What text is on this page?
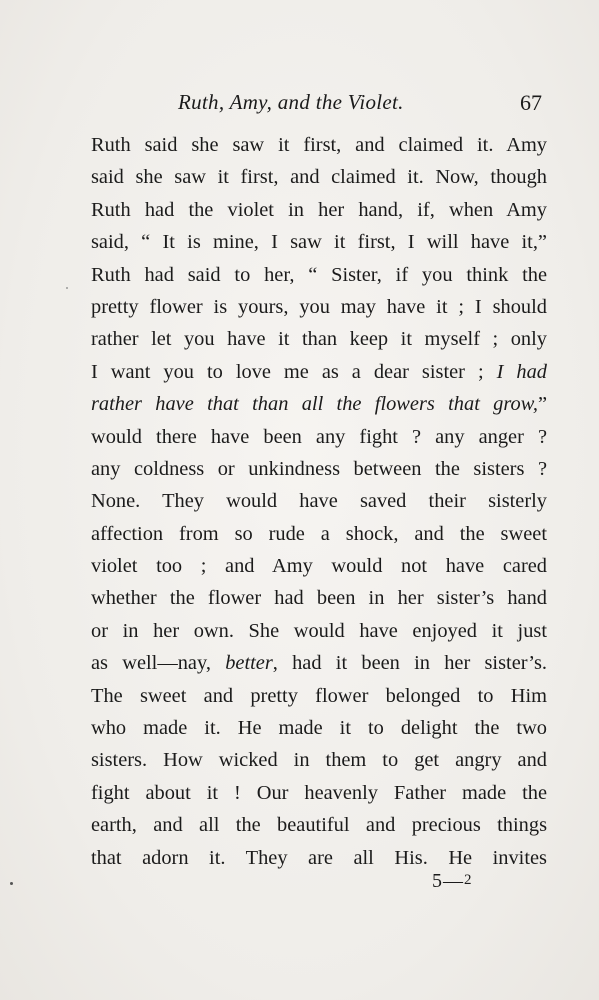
Ruth, Amy, and the Violet.	67
Ruth said she saw it first, and claimed it. Amy
said she saw it first, and claimed it. Now, though
Ruth had the violet in her hand, if, when Amy
said, “ It is mine, I saw it first, I will have it,”
Ruth had said to her, “ Sister, if you think the
pretty flower is yours, you may have it ; I should
rather let you have it than keep it myself ; only
I want you to love me as a dear sister ; I had
rather have that than all the flowers that grow,”
would there have been any fight ? any anger ?
any coldness or unkindness between the sisters ?
None. They would have saved their sisterly
affection from so rude a shock, and the sweet
violet too ; and Amy would not have cared
whether the flower had been in her sister’s hand
or in her own. She would have enjoyed it just
as well—nay, better, had it been in her sister’s.
The sweet and pretty flower belonged to Him
who made it. He made it to delight the two
sisters. How wicked in them to get angry and
fight about it ! Our heavenly Father made the
earth, and all the beautiful and precious things
that adorn it. They are all His. He invites
5—$^2$
